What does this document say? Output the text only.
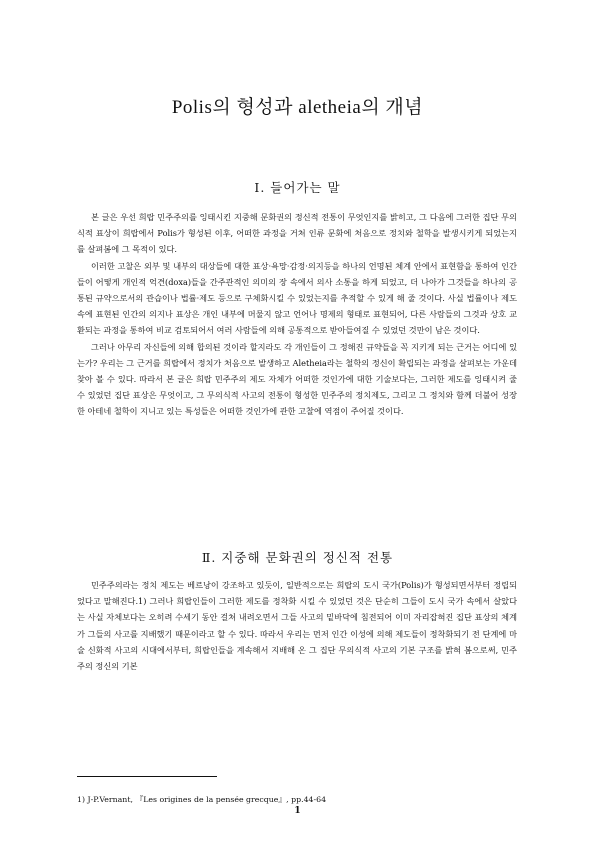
Polis의 형성과 aletheia의 개념
Ⅰ. 들어가는 말

본 글은 우선 희랍 민주주의를 잉태시킨 지중해 문화권의 정신적 전통이 무엇인지를 밝히고, 그 다음에 그러한 집단 무의식적 표상이 희랍에서 Polis가 형성된 이후, 어떠한 과정을 거쳐 인류 문화에 처음으로 정치와 철학을 발생시키게 되었는지를 살펴봄에 그 목적이 있다.

이러한 고찰은 외부 및 내부의 대상들에 대한 표상·욕망·감정·의지등을 하나의 언명된 체계 안에서 표현함을 통하여 인간들이 어떻게 개인적 억견(doxa)들을 간주관적인 의미의 장 속에서 의사 소통을 하게 되었고, 더 나아가 그것들을 하나의 공통된 규약으로서의 관습이나 법률·제도 등으로 구체화시킬 수 있었는지를 추적할 수 있게 해 줄 것이다. 사실 법률이나 제도 속에 표현된 인간의 의지나 표상은 개인 내부에 머물지 않고 언어나 명제의 형태로 표현되어, 다른 사람들의 그것과 상호 교환되는 과정을 통하여 비교 검토되어서 여러 사람들에 의해 공통적으로 받아들여질 수 있었던 것만이 남은 것이다.

그러나 아무리 자신들에 의해 합의된 것이라 할지라도 각 개인들이 그 정해진 규약들을 꼭 지키게 되는 근거는 어디에 있는가? 우리는 그 근거를 희랍에서 정치가 처음으로 발생하고 Aletheia라는 철학의 정신이 확립되는 과정을 살펴보는 가운데 찾아 볼 수 있다. 따라서 본 글은 희랍 민주주의 제도 자체가 어떠한 것인가에 대한 기술보다는, 그러한 제도를 잉태시켜 줄 수 있었던 집단 표상은 무엇이고, 그 무의식적 사고의 전통이 형성한 민주주의 정치제도, 그리고 그 정치와 함께 더불어 성장한 아테네 철학이 지니고 있는 특성들은 어떠한 것인가에 관한 고찰에 역점이 주어질 것이다.

Ⅱ. 지중해 문화권의 정신적 전통

민주주의라는 정치 제도는 베르낭이 강조하고 있듯이, 일반적으로는 희랍의 도시 국가(Polis)가 형성되면서부터 정립되었다고 말해진다.1) 그러나 희랍인들이 그러한 제도를 정착화 시킬 수 있었던 것은 단순히 그들이 도시 국가 속에서 살았다는 사실 자체보다는 오히려 수세기 동안 걸쳐 내려오면서 그들 사고의 밑바닥에 침전되어 이미 자리잡혀진 집단 표상의 체계가 그들의 사고를 지배했기 때문이라고 할 수 있다. 따라서 우리는 먼저 인간 이성에 의해 제도들이 정착화되기 전 단계에 마술 신화적 사고의 시대에서부터, 희랍인들을 계속해서 지배해 온 그 집단 무의식적 사고의 기본 구조를 밝혀 봄으로써, 민주주의 정신의 기본

1) J-P.Vernant, 『Les origines de la pensée grecque』, pp.44-64
1
